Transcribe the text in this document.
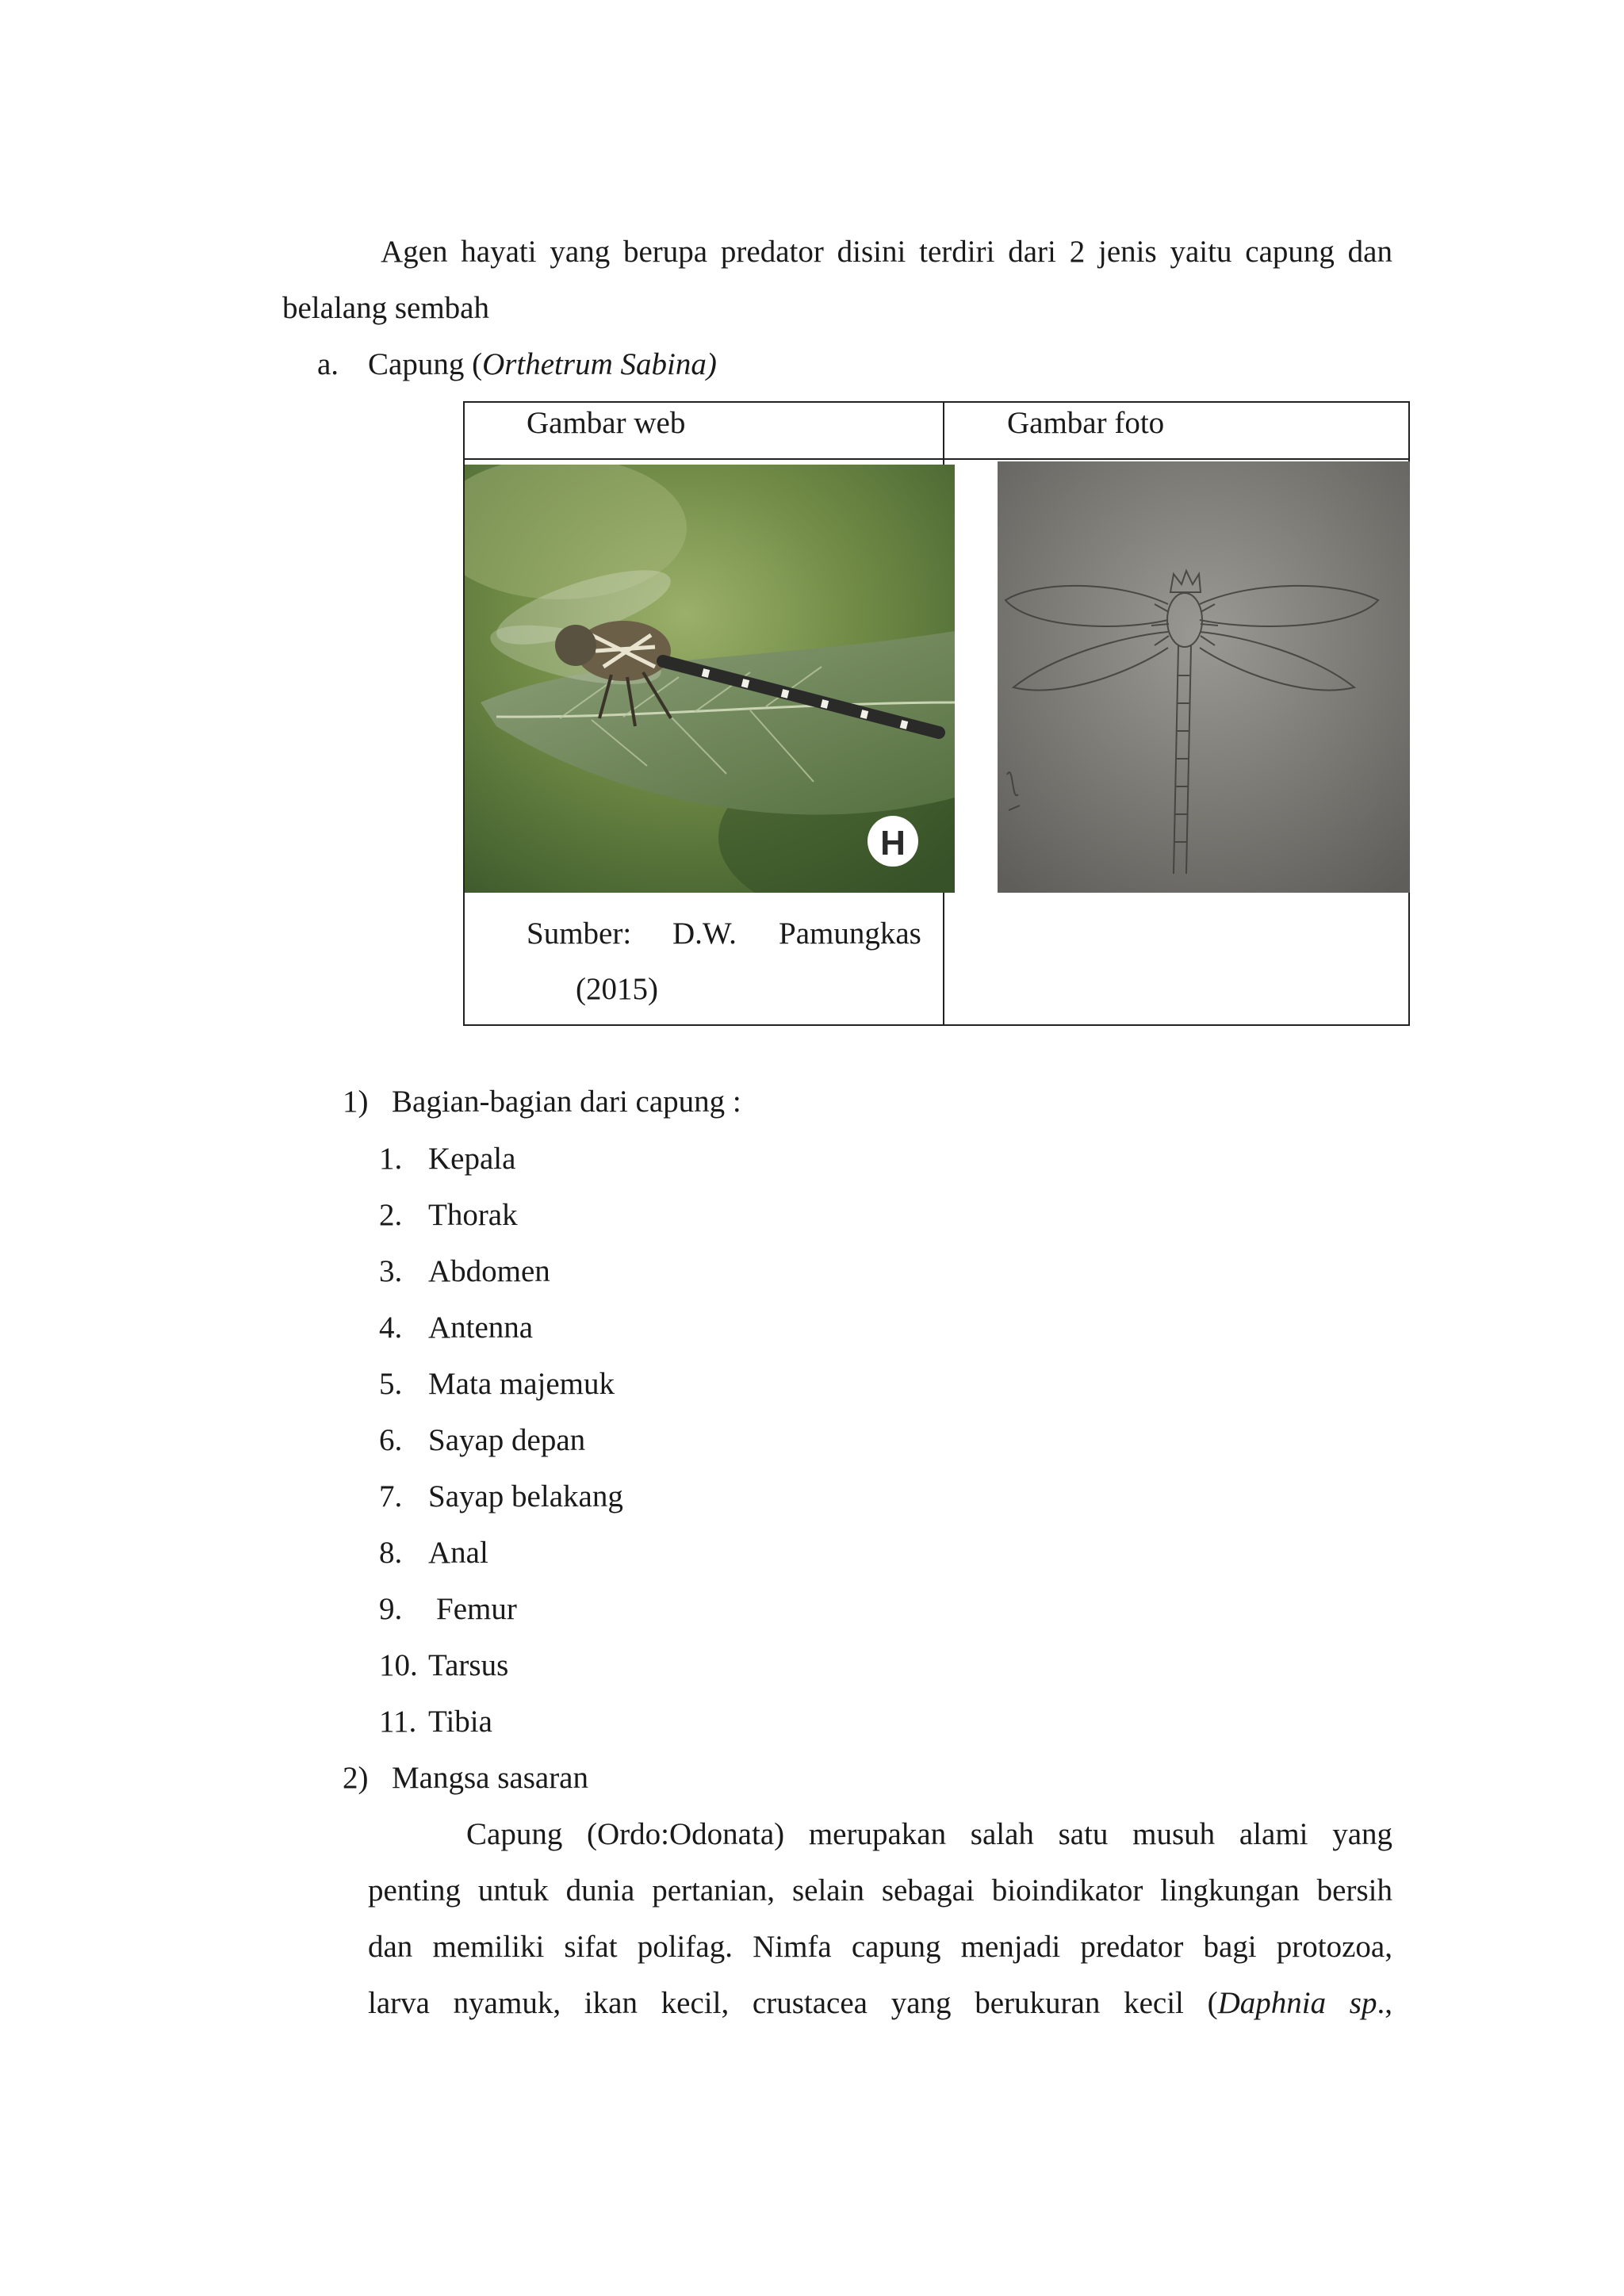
Agen hayati yang berupa predator disini terdiri dari 2 jenis yaitu capung dan

belalang sembah

a. Capung (Orthetrum Sabina)
Gambar web	Gambar foto
H
Sumber: D.W. Pamungkas
(2015)
1) Bagian-bagian dari capung :
1. Kepala
2. Thorak
3. Abdomen
4. Antenna
5. Mata majemuk
6. Sayap depan
7. Sayap belakang
8. Anal
9. Femur
10. Tarsus
11. Tibia
2) Mangsa sasaran

Capung (Ordo:Odonata) merupakan salah satu musuh alami yang

penting untuk dunia pertanian, selain sebagai bioindikator lingkungan bersih

dan memiliki sifat polifag. Nimfa capung menjadi predator bagi protozoa,

larva nyamuk, ikan kecil, crustacea yang berukuran kecil (Daphnia sp.,
